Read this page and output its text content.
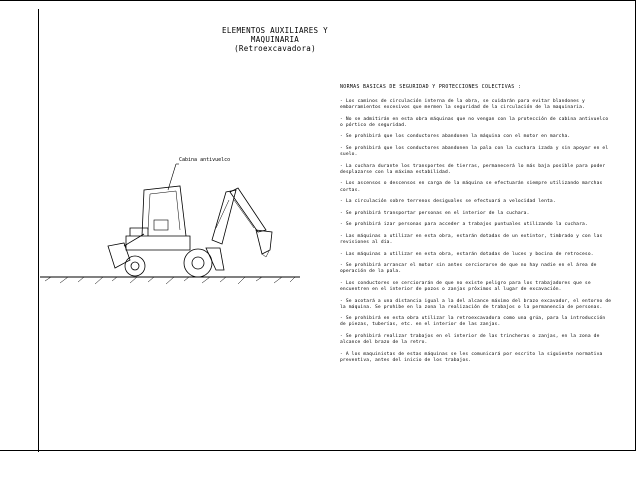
ELEMENTOS AUXILIARES Y MAQUINARIA
(Retroexcavadora)
Cabina antivuelco
NORMAS BASICAS DE SEGURIDAD Y PROTECCIONES COLECTIVAS :

- Los caminos de circulación interna de la obra, se cuidarán para evitar blandones y embarramientos excesivos que mermen la seguridad de la circulación de la maquinaria.

- No se admitirán en esta obra máquinas que no vengan con la protección de cabina antivuelco o pórtico de seguridad.

- Se prohibirá que los conductores abandonen la máquina con el motor en marcha.

- Se prohibirá que los conductores abandonen la pala con la cuchara izada y sin apoyar en el suelo.

- La cuchara durante los transportes de tierras, permanecerá lo más baja posible para poder desplazarse con la máxima estabilidad.

- Los ascensos o descensos en carga de la máquina se efectuarán siempre utilizando marchas cortas.

- La circulación sobre terrenos desiguales se efectuará a velocidad lenta.

- Se prohibirá transportar personas en el interior de la cuchara.

- Se prohibirá izar personas para acceder a trabajos puntuales utilizando la cuchara.

- Las máquinas a utilizar en esta obra, estarán dotadas de un extintor, timbrado y con las revisiones al día.

- Las máquinas a utilizar en esta obra, estarán dotadas de luces y bocina de retroceso.

- Se prohibirá arrancar el motor sin antes cerciorarse de que no hay nadie en el área de operación de la pala.

- Los conductores se cerciorarán de que no existe peligro para los trabajadores que se encuentren en el interior de pozos o zanjas próximos al lugar de excavación.

- Se acotará a una distancia igual a la del alcance máximo del brazo excavador, el entorno de la máquina. Se prohibe en la zona la realización de trabajos o la permanencia de personas.

- Se prohibirá en esta obra utilizar la retroexcavadora como una grúa, para la introducción de piezas, tuberías, etc. en el interior de las zanjas.

- Se prohibirá realizar trabajos en el interior de las trincheras o zanjas, en la zona de alcance del brazo de la retro.

- A los maquinistas de estas máquinas se les comunicará por escrito la siguiente normativa preventiva, antes del inicio de los trabajos.
